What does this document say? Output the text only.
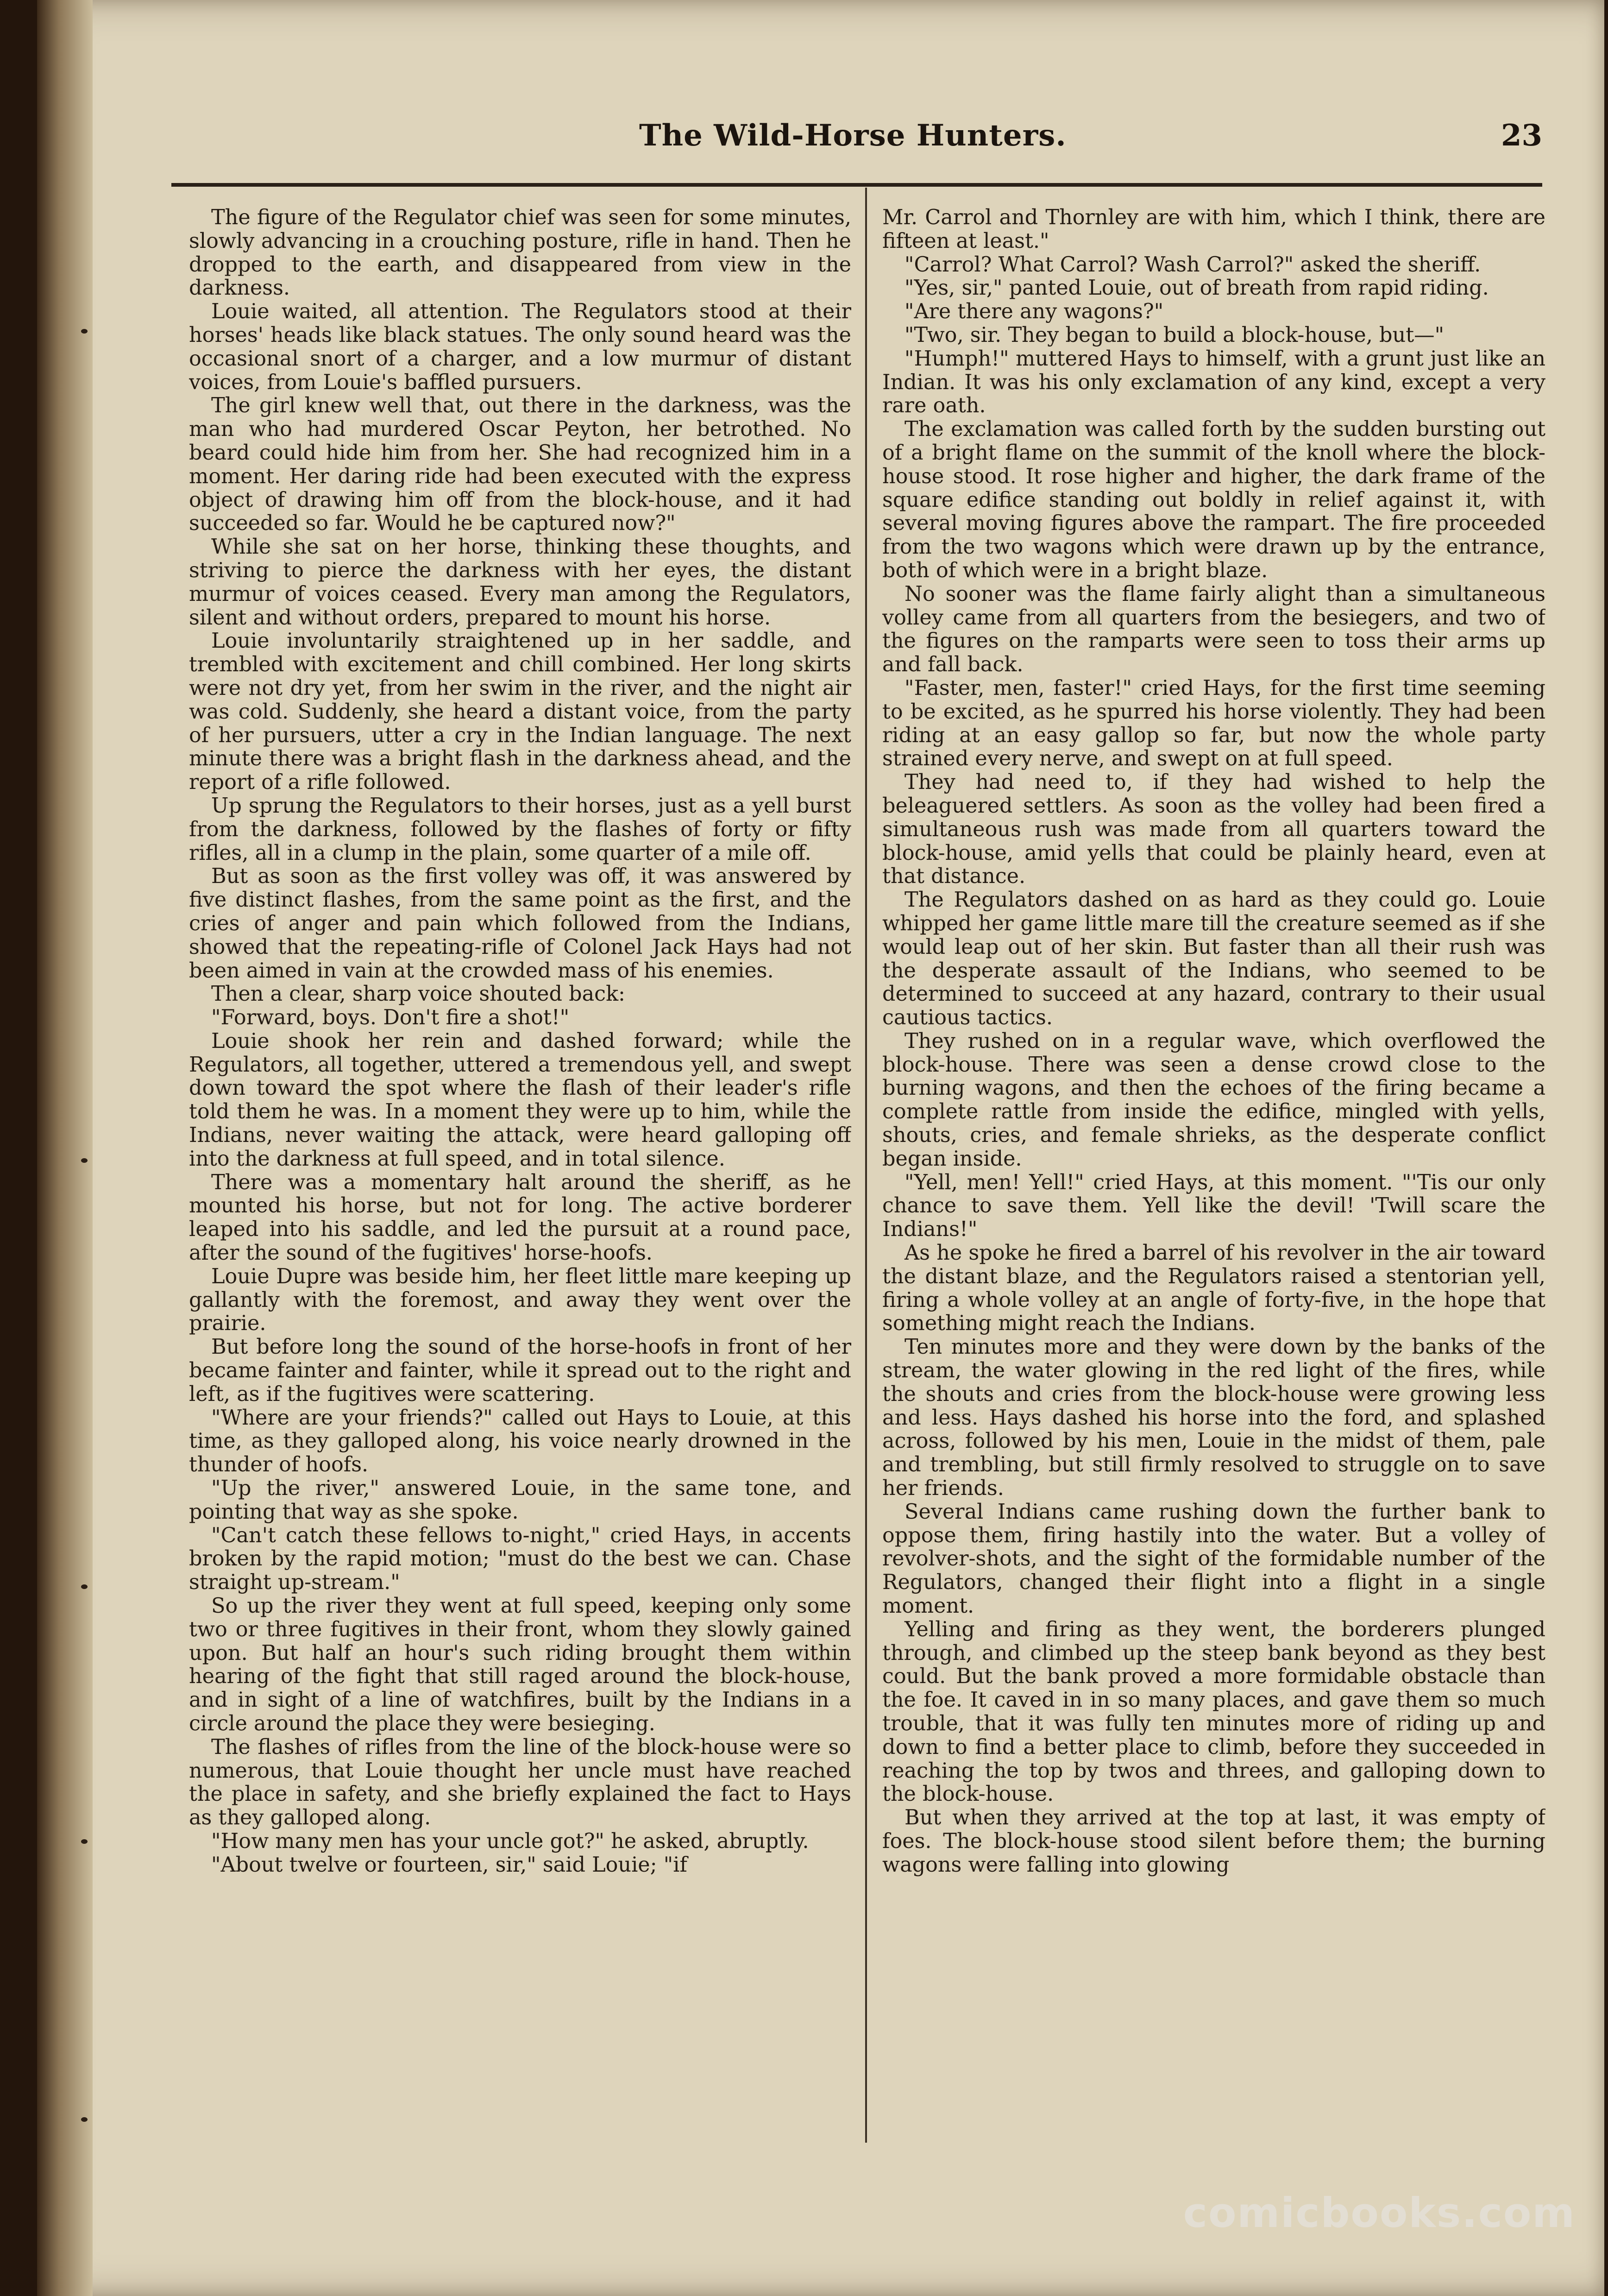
The Wild-Horse Hunters.	23

The figure of the Regulator chief was seen for some minutes, slowly advancing in a crouching posture, rifle in hand. Then he dropped to the earth, and disappeared from view in the darkness.

Louie waited, all attention. The Regulators stood at their horses' heads like black statues. The only sound heard was the occasional snort of a charger, and a low murmur of distant voices, from Louie's baffled pursuers.

The girl knew well that, out there in the darkness, was the man who had murdered Oscar Peyton, her betrothed. No beard could hide him from her. She had recognized him in a moment. Her daring ride had been executed with the express object of drawing him off from the block-house, and it had succeeded so far. Would he be captured now?"

While she sat on her horse, thinking these thoughts, and striving to pierce the darkness with her eyes, the distant murmur of voices ceased. Every man among the Regulators, silent and without orders, prepared to mount his horse.

Louie involuntarily straightened up in her saddle, and trembled with excitement and chill combined. Her long skirts were not dry yet, from her swim in the river, and the night air was cold. Suddenly, she heard a distant voice, from the party of her pursuers, utter a cry in the Indian language. The next minute there was a bright flash in the darkness ahead, and the report of a rifle followed.

Up sprung the Regulators to their horses, just as a yell burst from the darkness, followed by the flashes of forty or fifty rifles, all in a clump in the plain, some quarter of a mile off.

But as soon as the first volley was off, it was answered by five distinct flashes, from the same point as the first, and the cries of anger and pain which followed from the Indians, showed that the repeating-rifle of Colonel Jack Hays had not been aimed in vain at the crowded mass of his enemies.

Then a clear, sharp voice shouted back:

"Forward, boys. Don't fire a shot!"

Louie shook her rein and dashed forward; while the Regulators, all together, uttered a tremendous yell, and swept down toward the spot where the flash of their leader's rifle told them he was. In a moment they were up to him, while the Indians, never waiting the attack, were heard galloping off into the darkness at full speed, and in total silence.

There was a momentary halt around the sheriff, as he mounted his horse, but not for long. The active borderer leaped into his saddle, and led the pursuit at a round pace, after the sound of the fugitives' horse-hoofs.

Louie Dupre was beside him, her fleet little mare keeping up gallantly with the foremost, and away they went over the prairie.

But before long the sound of the horse-hoofs in front of her became fainter and fainter, while it spread out to the right and left, as if the fugitives were scattering.

"Where are your friends?" called out Hays to Louie, at this time, as they galloped along, his voice nearly drowned in the thunder of hoofs.

"Up the river," answered Louie, in the same tone, and pointing that way as she spoke.

"Can't catch these fellows to-night," cried Hays, in accents broken by the rapid motion; "must do the best we can. Chase straight up-stream."

So up the river they went at full speed, keeping only some two or three fugitives in their front, whom they slowly gained upon. But half an hour's such riding brought them within hearing of the fight that still raged around the block-house, and in sight of a line of watchfires, built by the Indians in a circle around the place they were besieging.

The flashes of rifles from the line of the block-house were so numerous, that Louie thought her uncle must have reached the place in safety, and she briefly explained the fact to Hays as they galloped along.

"How many men has your uncle got?" he asked, abruptly.

"About twelve or fourteen, sir," said Louie; "if

Mr. Carrol and Thornley are with him, which I think, there are fifteen at least."

"Carrol? What Carrol? Wash Carrol?" asked the sheriff.

"Yes, sir," panted Louie, out of breath from rapid riding.

"Are there any wagons?"

"Two, sir. They began to build a block-house, but—"

"Humph!" muttered Hays to himself, with a grunt just like an Indian. It was his only exclamation of any kind, except a very rare oath.

The exclamation was called forth by the sudden bursting out of a bright flame on the summit of the knoll where the block-house stood. It rose higher and higher, the dark frame of the square edifice standing out boldly in relief against it, with several moving figures above the rampart. The fire proceeded from the two wagons which were drawn up by the entrance, both of which were in a bright blaze.

No sooner was the flame fairly alight than a simultaneous volley came from all quarters from the besiegers, and two of the figures on the ramparts were seen to toss their arms up and fall back.

"Faster, men, faster!" cried Hays, for the first time seeming to be excited, as he spurred his horse violently. They had been riding at an easy gallop so far, but now the whole party strained every nerve, and swept on at full speed.

They had need to, if they had wished to help the beleaguered settlers. As soon as the volley had been fired a simultaneous rush was made from all quarters toward the block-house, amid yells that could be plainly heard, even at that distance.

The Regulators dashed on as hard as they could go. Louie whipped her game little mare till the creature seemed as if she would leap out of her skin. But faster than all their rush was the desperate assault of the Indians, who seemed to be determined to succeed at any hazard, contrary to their usual cautious tactics.

They rushed on in a regular wave, which overflowed the block-house. There was seen a dense crowd close to the burning wagons, and then the echoes of the firing became a complete rattle from inside the edifice, mingled with yells, shouts, cries, and female shrieks, as the desperate conflict began inside.

"Yell, men! Yell!" cried Hays, at this moment. "'Tis our only chance to save them. Yell like the devil! 'Twill scare the Indians!"

As he spoke he fired a barrel of his revolver in the air toward the distant blaze, and the Regulators raised a stentorian yell, firing a whole volley at an angle of forty-five, in the hope that something might reach the Indians.

Ten minutes more and they were down by the banks of the stream, the water glowing in the red light of the fires, while the shouts and cries from the block-house were growing less and less. Hays dashed his horse into the ford, and splashed across, followed by his men, Louie in the midst of them, pale and trembling, but still firmly resolved to struggle on to save her friends.

Several Indians came rushing down the further bank to oppose them, firing hastily into the water. But a volley of revolver-shots, and the sight of the formidable number of the Regulators, changed their flight into a flight in a single moment.

Yelling and firing as they went, the borderers plunged through, and climbed up the steep bank beyond as they best could. But the bank proved a more formidable obstacle than the foe. It caved in in so many places, and gave them so much trouble, that it was fully ten minutes more of riding up and down to find a better place to climb, before they succeeded in reaching the top by twos and threes, and galloping down to the block-house.

But when they arrived at the top at last, it was empty of foes. The block-house stood silent before them; the burning wagons were falling into glowing

comicbooks.com
